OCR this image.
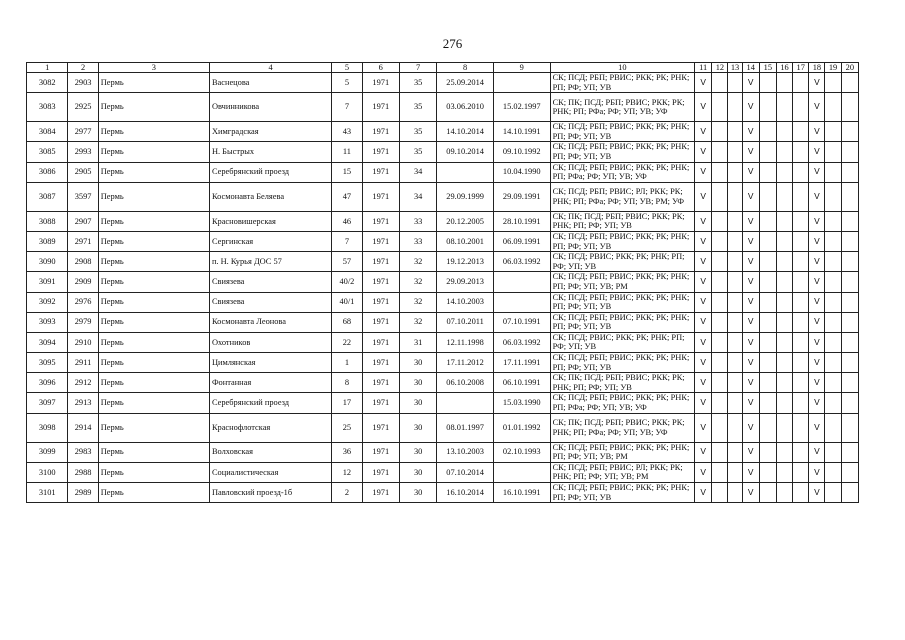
276
1	2	3	4	5	6	7	8	9	10	11	12	13	14	15	16	17	18	19	20
3082	2903	Пермь	Васнецова	5	1971	35	25.09.2014		СК; ПСД; РБП; РВИС; РКК; РК; РНК; РП; РФ; УП; УВ	V			V				V		
3083	2925	Пермь	Овчинникова	7	1971	35	03.06.2010	15.02.1997	СК; ПК; ПСД; РБП; РВИС; РКК; РК; РНК; РП; РФа; РФ; УП; УВ; УФ	V			V				V		
3084	2977	Пермь	Химградская	43	1971	35	14.10.2014	14.10.1991	СК; ПСД; РБП; РВИС; РКК; РК; РНК; РП; РФ; УП; УВ	V			V				V		
3085	2993	Пермь	Н. Быстрых	11	1971	35	09.10.2014	09.10.1992	СК; ПСД; РБП; РВИС; РКК; РК; РНК; РП; РФ; УП; УВ	V			V				V		
3086	2905	Пермь	Серебрянский проезд	15	1971	34		10.04.1990	СК; ПСД; РБП; РВИС; РКК; РК; РНК; РП; РФа; РФ; УП; УВ; УФ	V			V				V		
3087	3597	Пермь	Космонавта Беляева	47	1971	34	29.09.1999	29.09.1991	СК; ПСД; РБП; РВИС; РЛ; РКК; РК; РНК; РП; РФа; РФ; УП; УВ; РМ; УФ	V			V				V		
3088	2907	Пермь	Красновишерская	46	1971	33	20.12.2005	28.10.1991	СК; ПК; ПСД; РБП; РВИС; РКК; РК; РНК; РП; РФ; УП; УВ	V			V				V		
3089	2971	Пермь	Сергинская	7	1971	33	08.10.2001	06.09.1991	СК; ПСД; РБП; РВИС; РКК; РК; РНК; РП; РФ; УП; УВ	V			V				V		
3090	2908	Пермь	п. Н. Курья ДОС 57	57	1971	32	19.12.2013	06.03.1992	СК; ПСД; РВИС; РКК; РК; РНК; РП; РФ; УП; УВ	V			V				V		
3091	2909	Пермь	Свиязева	40/2	1971	32	29.09.2013		СК; ПСД; РБП; РВИС; РКК; РК; РНК; РП; РФ; УП; УВ; РМ	V			V				V		
3092	2976	Пермь	Свиязева	40/1	1971	32	14.10.2003		СК; ПСД; РБП; РВИС; РКК; РК; РНК; РП; РФ; УП; УВ	V			V				V		
3093	2979	Пермь	Космонавта Леонова	68	1971	32	07.10.2011	07.10.1991	СК; ПСД; РБП; РВИС; РКК; РК; РНК; РП; РФ; УП; УВ	V			V				V		
3094	2910	Пермь	Охотников	22	1971	31	12.11.1998	06.03.1992	СК; ПСД; РВИС; РКК; РК; РНК; РП; РФ; УП; УВ	V			V				V		
3095	2911	Пермь	Цимлянская	1	1971	30	17.11.2012	17.11.1991	СК; ПСД; РБП; РВИС; РКК; РК; РНК; РП; РФ; УП; УВ	V			V				V		
3096	2912	Пермь	Фонтанная	8	1971	30	06.10.2008	06.10.1991	СК; ПК; ПСД; РБП; РВИС; РКК; РК; РНК; РП; РФ; УП; УВ	V			V				V		
3097	2913	Пермь	Серебрянский проезд	17	1971	30		15.03.1990	СК; ПСД; РБП; РВИС; РКК; РК; РНК; РП; РФа; РФ; УП; УВ; УФ	V			V				V		
3098	2914	Пермь	Краснофлотская	25	1971	30	08.01.1997	01.01.1992	СК; ПК; ПСД; РБП; РВИС; РКК; РК; РНК; РП; РФа; РФ; УП; УВ; УФ	V			V				V		
3099	2983	Пермь	Волховская	36	1971	30	13.10.2003	02.10.1993	СК; ПСД; РБП; РВИС; РКК; РК; РНК; РП; РФ; УП; УВ; РМ	V			V				V		
3100	2988	Пермь	Социалистическая	12	1971	30	07.10.2014		СК; ПСД; РБП; РВИС; РЛ; РКК; РК; РНК; РП; РФ; УП; УВ; РМ	V			V				V		
3101	2989	Пермь	Павловский проезд-1б	2	1971	30	16.10.2014	16.10.1991	СК; ПСД; РБП; РВИС; РКК; РК; РНК; РП; РФ; УП; УВ	V			V				V		
